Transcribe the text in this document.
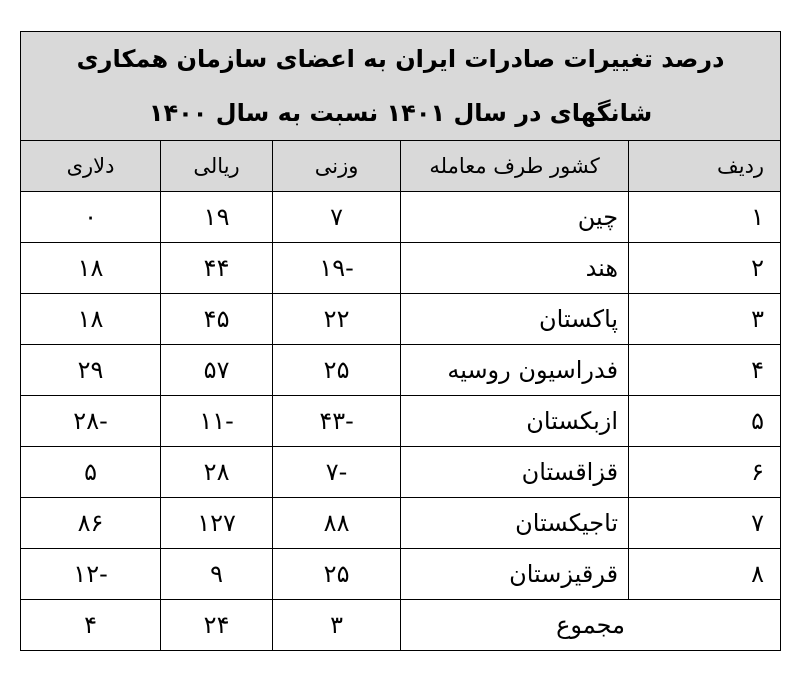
درصد تغییرات صادرات ایران به اعضای سازمان همکاری
شانگهای در سال ۱۴۰۱ نسبت به سال ۱۴۰۰				

ردیف	کشور طرف معامله	وزنی	ریالی	دلاری
۱	چین	۷	۱۹	۰
۲	هند	-۱۹	۴۴	۱۸
۳	پاکستان	۲۲	۴۵	۱۸
۴	فدراسیون روسیه	۲۵	۵۷	۲۹
۵	ازبکستان	-۴۳	-۱۱	-۲۸
۶	قزاقستان	-۷	۲۸	۵
۷	تاجیکستان	۸۸	۱۲۷	۸۶
۸	قرقیزستان	۲۵	۹	-۱۲
مجموع		۳	۲۴	۴
